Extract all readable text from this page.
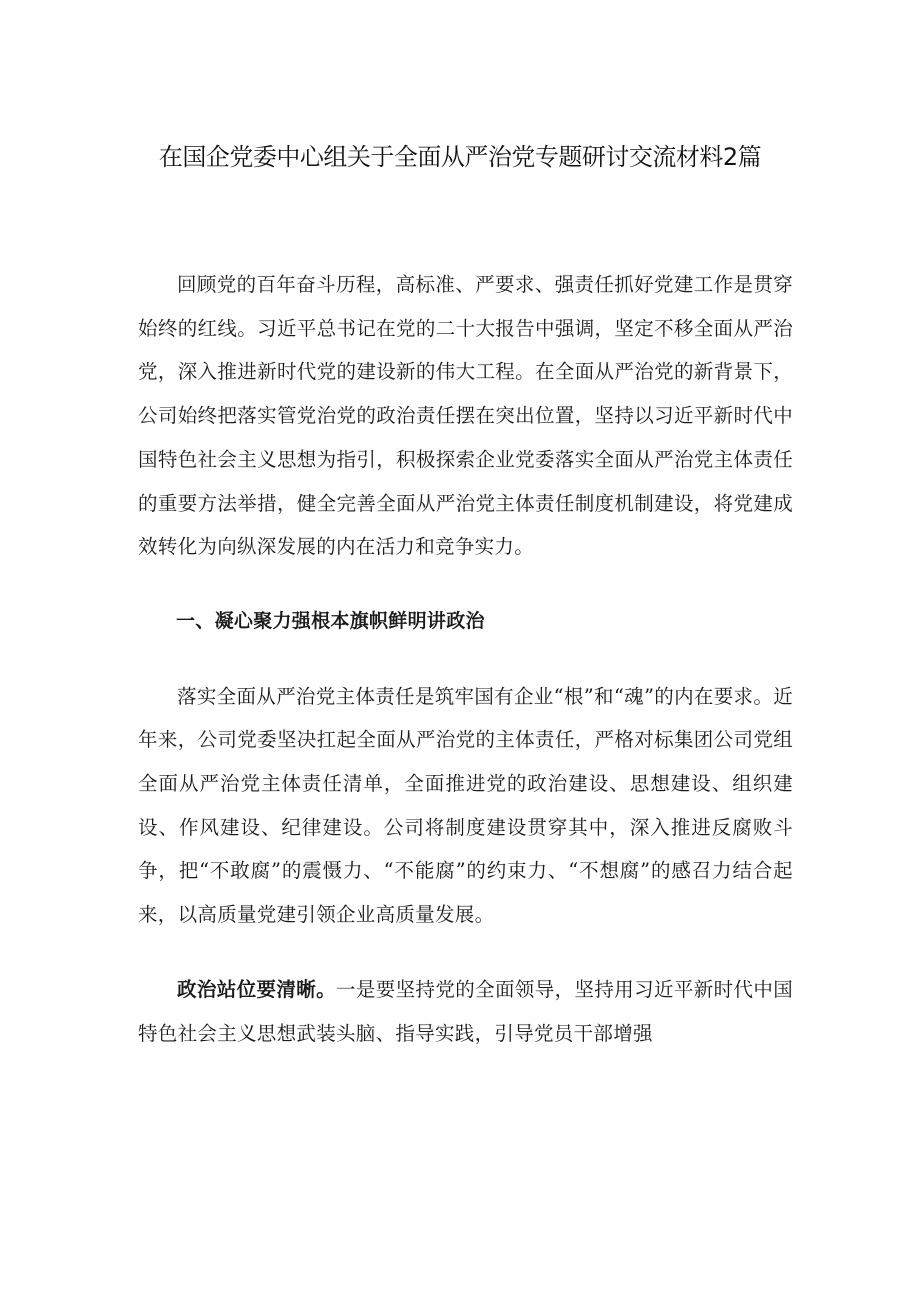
在国企党委中心组关于全面从严治党专题研讨交流材料2篇

回顾党的百年奋斗历程，高标准、严要求、强责任抓好党建工作是贯穿始终的红线。习近平总书记在党的二十大报告中强调，坚定不移全面从严治党，深入推进新时代党的建设新的伟大工程。在全面从严治党的新背景下，公司始终把落实管党治党的政治责任摆在突出位置，坚持以习近平新时代中国特色社会主义思想为指引，积极探索企业党委落实全面从严治党主体责任的重要方法举措，健全完善全面从严治党主体责任制度机制建设，将党建成效转化为向纵深发展的内在活力和竞争实力。

一、凝心聚力强根本旗帜鲜明讲政治

落实全面从严治党主体责任是筑牢国有企业“根”和“魂”的内在要求。近年来，公司党委坚决扛起全面从严治党的主体责任，严格对标集团公司党组全面从严治党主体责任清单，全面推进党的政治建设、思想建设、组织建设、作风建设、纪律建设。公司将制度建设贯穿其中，深入推进反腐败斗争，把“不敢腐”的震慑力、“不能腐”的约束力、“不想腐”的感召力结合起来，以高质量党建引领企业高质量发展。

政治站位要清晰。一是要坚持党的全面领导，坚持用习近平新时代中国特色社会主义思想武装头脑、指导实践，引导党员干部增强
